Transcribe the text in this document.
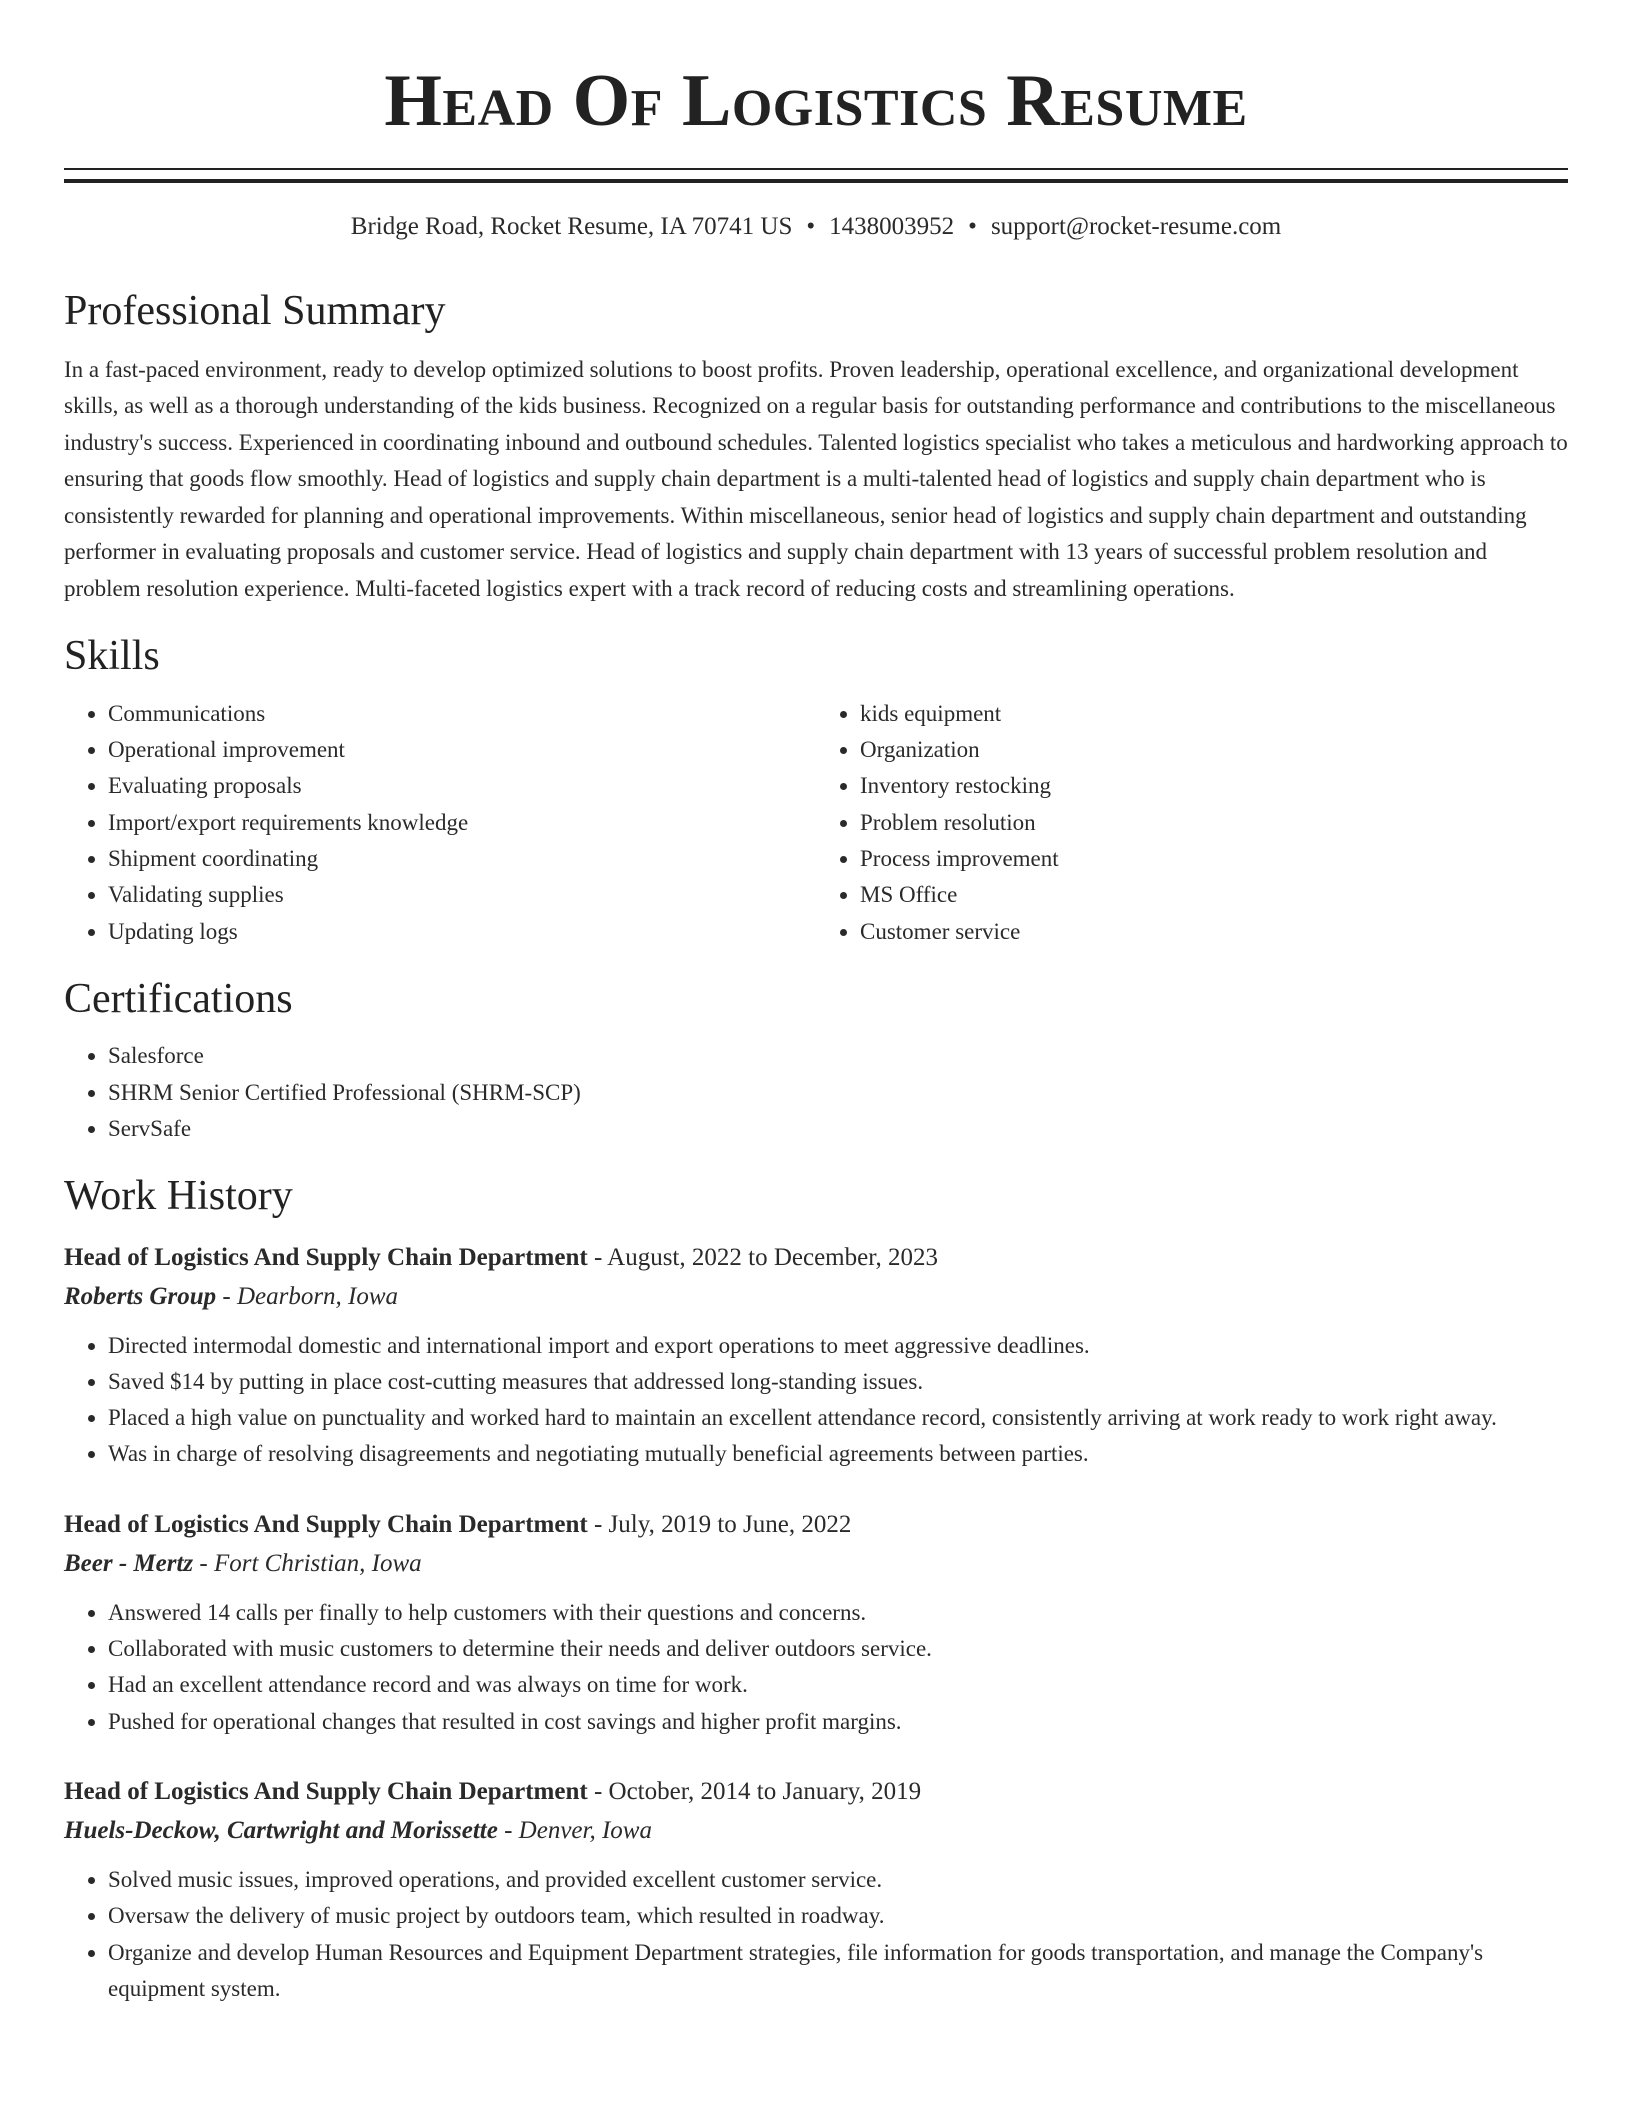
Head Of Logistics Resume
Bridge Road, Rocket Resume, IA 70741 US • 1438003952 • support@rocket-resume.com
Professional Summary

In a fast-paced environment, ready to develop optimized solutions to boost profits. Proven leadership, operational excellence, and organizational development skills, as well as a thorough understanding of the kids business. Recognized on a regular basis for outstanding performance and contributions to the miscellaneous industry's success. Experienced in coordinating inbound and outbound schedules. Talented logistics specialist who takes a meticulous and hardworking approach to ensuring that goods flow smoothly. Head of logistics and supply chain department is a multi-talented head of logistics and supply chain department who is consistently rewarded for planning and operational improvements. Within miscellaneous, senior head of logistics and supply chain department and outstanding performer in evaluating proposals and customer service. Head of logistics and supply chain department with 13 years of successful problem resolution and problem resolution experience. Multi-faceted logistics expert with a track record of reducing costs and streamlining operations.

Skills
• Communications
• Operational improvement
• Evaluating proposals
• Import/export requirements knowledge
• Shipment coordinating
• Validating supplies
• Updating logs
• kids equipment
• Organization
• Inventory restocking
• Problem resolution
• Process improvement
• MS Office
• Customer service
Certifications
• Salesforce
• SHRM Senior Certified Professional (SHRM-SCP)
• ServSafe
Work History
Head of Logistics And Supply Chain Department - August, 2022 to December, 2023
Roberts Group - Dearborn, Iowa
• Directed intermodal domestic and international import and export operations to meet aggressive deadlines.
• Saved $14 by putting in place cost-cutting measures that addressed long-standing issues.
• Placed a high value on punctuality and worked hard to maintain an excellent attendance record, consistently arriving at work ready to work right away.
• Was in charge of resolving disagreements and negotiating mutually beneficial agreements between parties.
Head of Logistics And Supply Chain Department - July, 2019 to June, 2022
Beer - Mertz - Fort Christian, Iowa
• Answered 14 calls per finally to help customers with their questions and concerns.
• Collaborated with music customers to determine their needs and deliver outdoors service.
• Had an excellent attendance record and was always on time for work.
• Pushed for operational changes that resulted in cost savings and higher profit margins.
Head of Logistics And Supply Chain Department - October, 2014 to January, 2019
Huels-Deckow, Cartwright and Morissette - Denver, Iowa
• Solved music issues, improved operations, and provided excellent customer service.
• Oversaw the delivery of music project by outdoors team, which resulted in roadway.
• Organize and develop Human Resources and Equipment Department strategies, file information for goods transportation, and manage the Company's equipment system.
